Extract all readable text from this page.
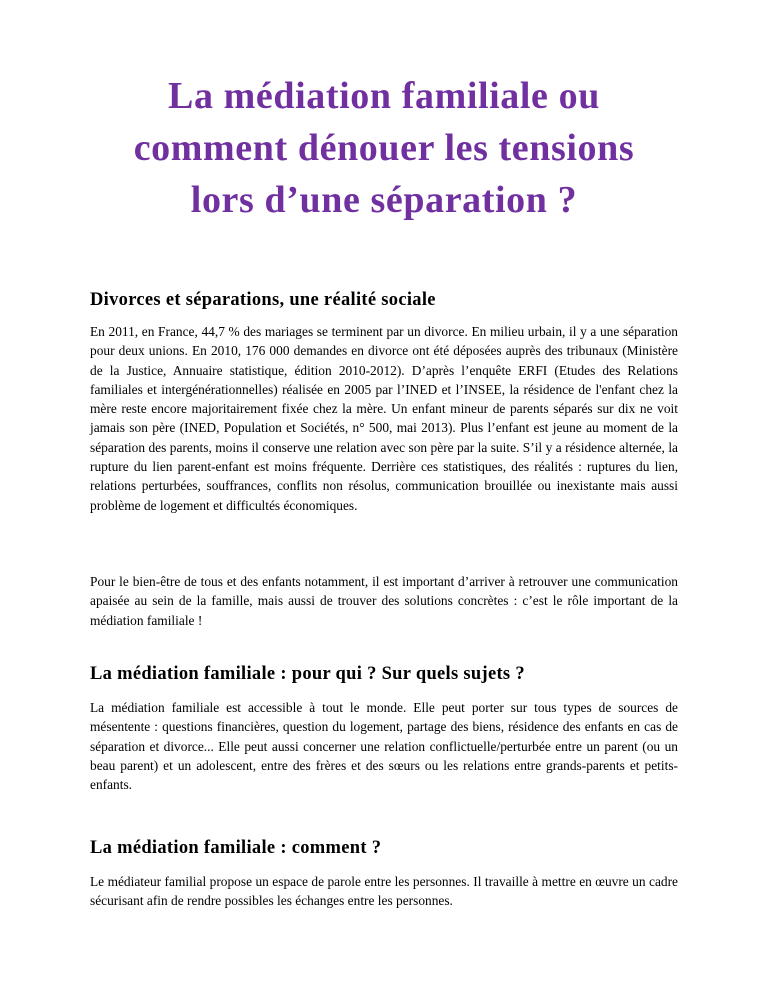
La médiation familiale ou
comment dénouer les tensions
lors d’une séparation ?
Divorces et séparations, une réalité sociale

En 2011, en France, 44,7 % des mariages se terminent par un divorce. En milieu urbain, il y a une séparation pour deux unions. En 2010, 176 000 demandes en divorce ont été déposées auprès des tribunaux (Ministère de la Justice, Annuaire statistique, édition 2010-2012). D’après l’enquête ERFI (Etudes des Relations familiales et intergénérationnelles) réalisée en 2005 par l’INED et l’INSEE, la résidence de l'enfant chez la mère reste encore majoritairement fixée chez la mère. Un enfant mineur de parents séparés sur dix ne voit jamais son père (INED, Population et Sociétés, n° 500, mai 2013). Plus l’enfant est jeune au moment de la séparation des parents, moins il conserve une relation avec son père par la suite. S’il y a résidence alternée, la rupture du lien parent-enfant est moins fréquente. Derrière ces statistiques, des réalités : ruptures du lien, relations perturbées, souffrances, conflits non résolus, communication brouillée ou inexistante mais aussi problème de logement et difficultés économiques.

Pour le bien-être de tous et des enfants notamment, il est important d’arriver à retrouver une communication apaisée au sein de la famille, mais aussi de trouver des solutions concrètes : c’est le rôle important de la médiation familiale !

La médiation familiale : pour qui ? Sur quels sujets ?

La médiation familiale est accessible à tout le monde. Elle peut porter sur tous types de sources de mésentente : questions financières, question du logement, partage des biens, résidence des enfants en cas de séparation et divorce... Elle peut aussi concerner une relation conflictuelle/perturbée entre un parent (ou un beau parent) et un adolescent, entre des frères et des sœurs ou les relations entre grands-parents et petits-enfants.

La médiation familiale : comment ?

Le médiateur familial propose un espace de parole entre les personnes. Il travaille à mettre en œuvre un cadre sécurisant afin de rendre possibles les échanges entre les personnes.
